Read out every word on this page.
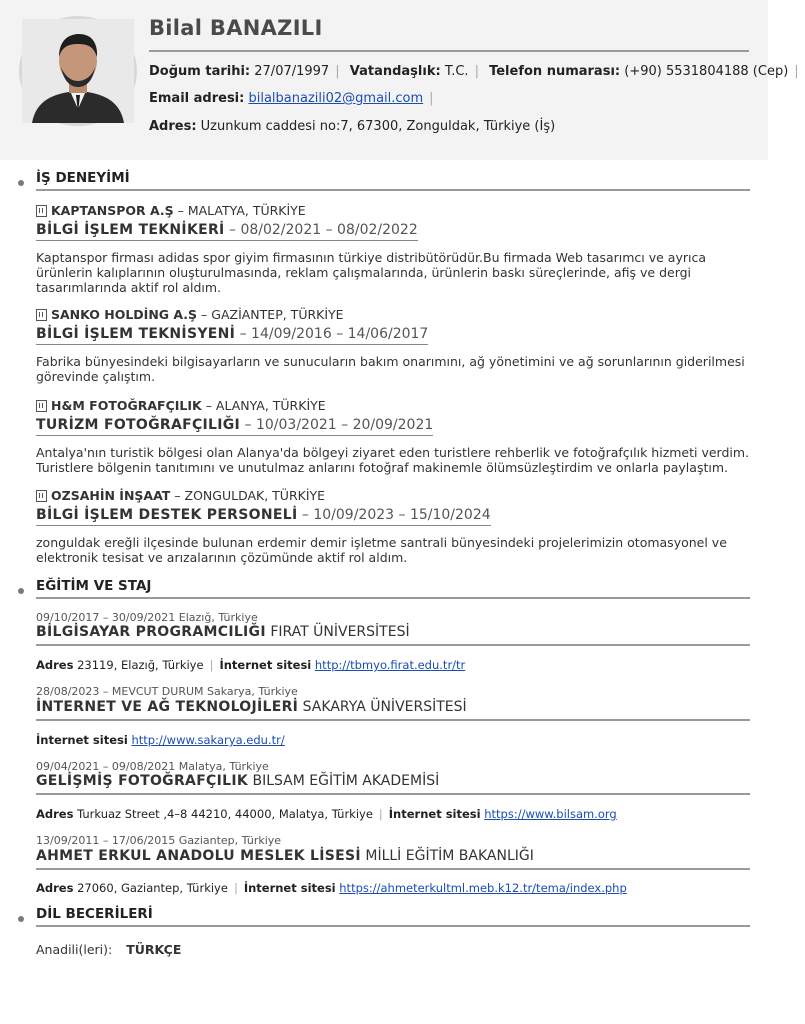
Bilal BANAZILI
Doğum tarihi: 27/07/1997 | Vatandaşlık: T.C. | Telefon numarası: (+90) 5531804188 (Cep) |
Email adresi: bilalbanazili02@gmail.com |
Adres: Uzunkum caddesi no:7, 67300, Zonguldak, Türkiye (İş)
İŞ DENEYİMİ
KAPTANSPOR A.Ş – MALATYA, TÜRKİYE
BİLGİ İŞLEM TEKNİKERİ – 08/02/2021 – 08/02/2022
Kaptanspor firması adidas spor giyim firmasının türkiye distribütörüdür.Bu firmada Web tasarımcı ve ayrıca ürünlerin kalıplarının oluşturulmasında, reklam çalışmalarında, ürünlerin baskı süreçlerinde, afiş ve dergi tasarımlarında aktif rol aldım.
SANKO HOLDİNG A.Ş – GAZİANTEP, TÜRKİYE
BİLGİ İŞLEM TEKNİSYENİ – 14/09/2016 – 14/06/2017
Fabrika bünyesindeki bilgisayarların ve sunucuların bakım onarımını, ağ yönetimini ve ağ sorunlarının giderilmesi görevinde çalıştım.
H&M FOTOĞRAFÇILIK – ALANYA, TÜRKİYE
TURİZM FOTOĞRAFÇILIĞI – 10/03/2021 – 20/09/2021
Antalya'nın turistik bölgesi olan Alanya'da bölgeyi ziyaret eden turistlere rehberlik ve fotoğrafçılık hizmeti verdim. Turistlere bölgenin tanıtımını ve unutulmaz anlarını fotoğraf makinemle ölümsüzleştirdim ve onlarla paylaştım.
OZSAHİN İNŞAAT – ZONGULDAK, TÜRKİYE
BİLGİ İŞLEM DESTEK PERSONELİ – 10/09/2023 – 15/10/2024
zonguldak ereğli ilçesinde bulunan erdemir demir işletme santrali bünyesindeki projelerimizin otomasyonel ve elektronik tesisat ve arızalarının çözümünde aktif rol aldım.
EĞİTİM VE STAJ
09/10/2017 – 30/09/2021 Elazığ, Türkiye
BİLGİSAYAR PROGRAMCILIĞI FIRAT ÜNİVERSİTESİ
Adres 23119, Elazığ, Türkiye | İnternet sitesi http://tbmyo.firat.edu.tr/tr
28/08/2023 – MEVCUT DURUM Sakarya, Türkiye
İNTERNET VE AĞ TEKNOLOJİLERİ SAKARYA ÜNİVERSİTESİ
İnternet sitesi http://www.sakarya.edu.tr/
09/04/2021 – 09/08/2021 Malatya, Türkiye
GELİŞMİŞ FOTOĞRAFÇILIK BILSAM EĞİTİM AKADEMİSİ
Adres Turkuaz Street ,4–8 44210, 44000, Malatya, Türkiye | İnternet sitesi https://www.bilsam.org
13/09/2011 – 17/06/2015 Gaziantep, Türkiye
AHMET ERKUL ANADOLU MESLEK LİSESİ MİLLİ EĞİTİM BAKANLIĞI
Adres 27060, Gaziantep, Türkiye | İnternet sitesi https://ahmeterkultml.meb.k12.tr/tema/index.php
DİL BECERİLERİ
Anadili(leri): TÜRKÇE
